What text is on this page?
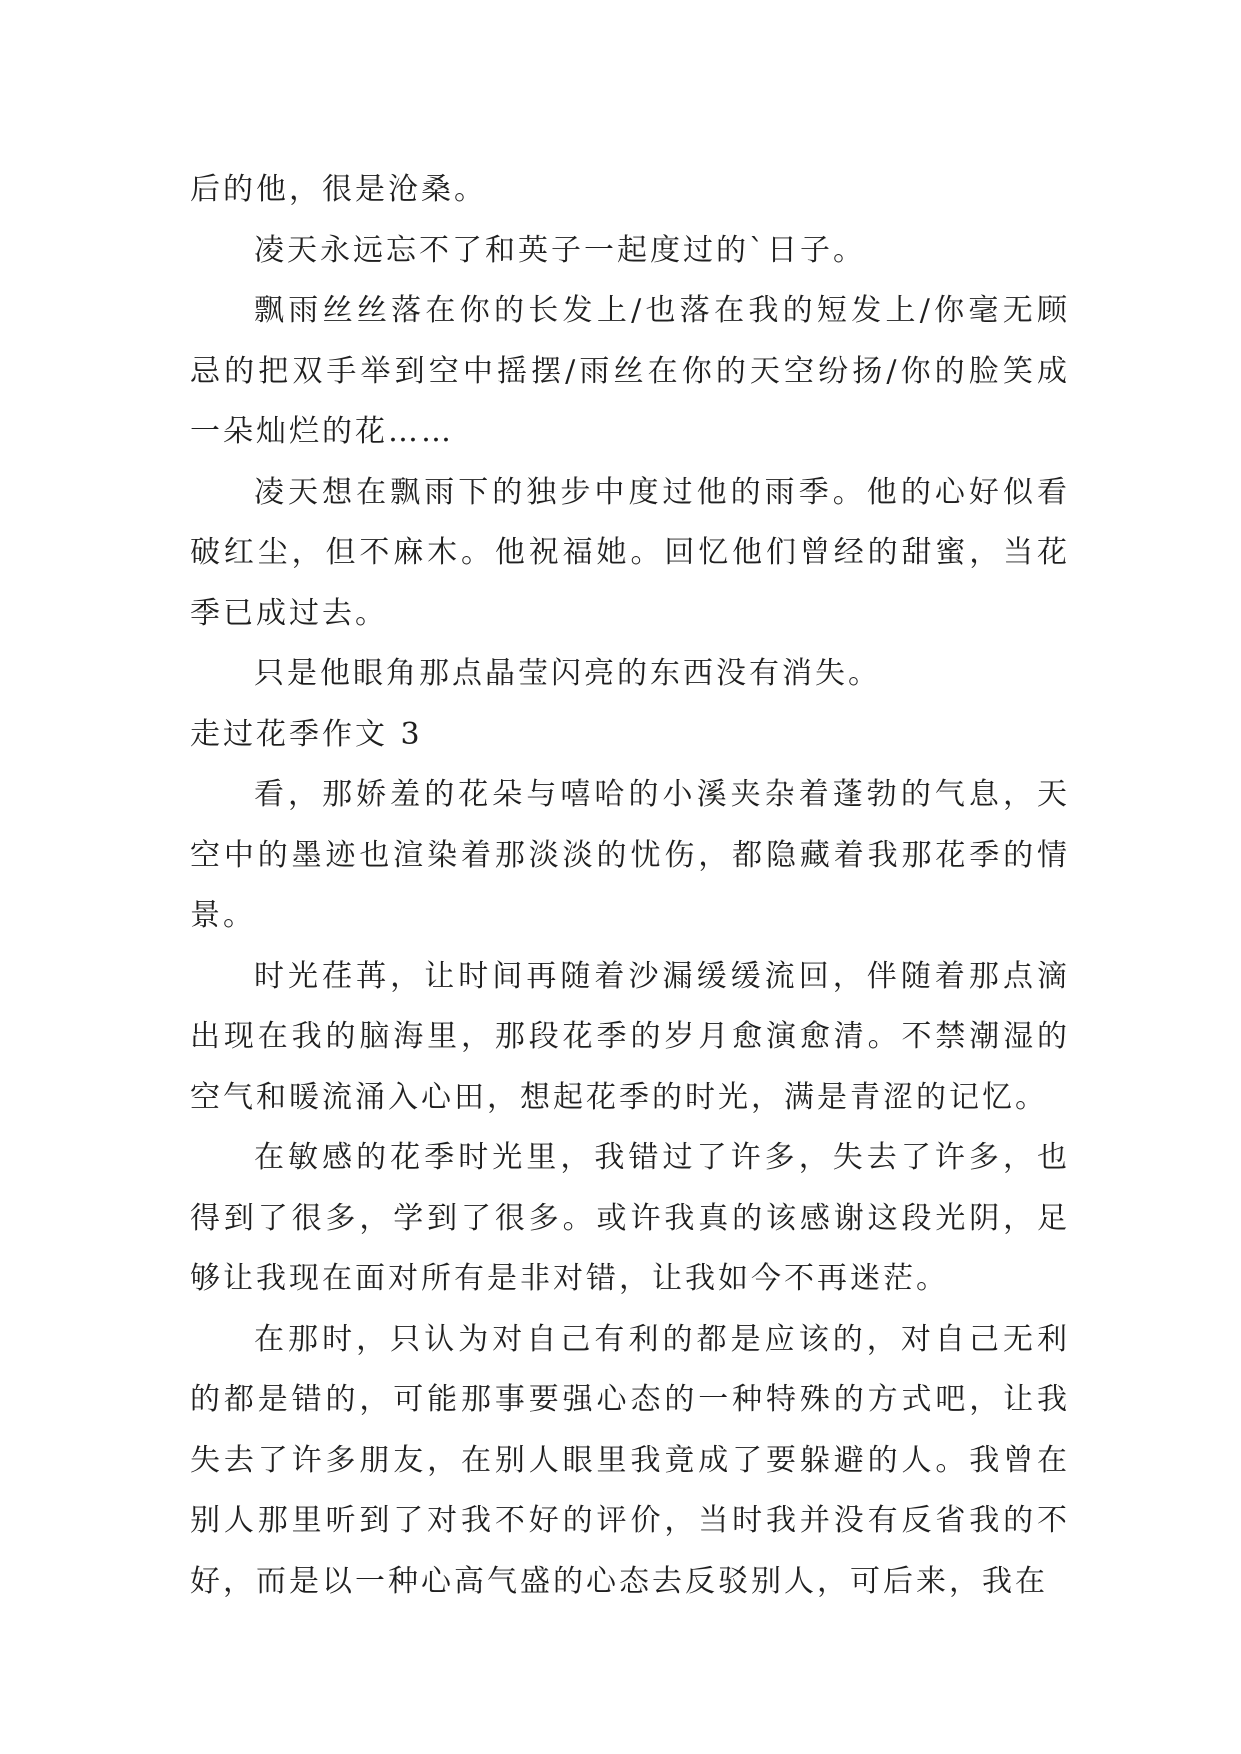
后的他，很是沧桑。

凌天永远忘不了和英子一起度过的`日子。

飘雨丝丝落在你的长发上/也落在我的短发上/你毫无顾忌的把双手举到空中摇摆/雨丝在你的天空纷扬/你的脸笑成一朵灿烂的花……

凌天想在飘雨下的独步中度过他的雨季。他的心好似看破红尘，但不麻木。他祝福她。回忆他们曾经的甜蜜，当花季已成过去。

只是他眼角那点晶莹闪亮的东西没有消失。

走过花季作文 3

看，那娇羞的花朵与嘻哈的小溪夹杂着蓬勃的气息，天空中的墨迹也渲染着那淡淡的忧伤，都隐藏着我那花季的情景。

时光荏苒，让时间再随着沙漏缓缓流回，伴随着那点滴出现在我的脑海里，那段花季的岁月愈演愈清。不禁潮湿的空气和暖流涌入心田，想起花季的时光，满是青涩的记忆。

在敏感的花季时光里，我错过了许多，失去了许多，也得到了很多，学到了很多。或许我真的该感谢这段光阴，足够让我现在面对所有是非对错，让我如今不再迷茫。

在那时，只认为对自己有利的都是应该的，对自己无利的都是错的，可能那事要强心态的一种特殊的方式吧，让我失去了许多朋友，在别人眼里我竟成了要躲避的人。我曾在别人那里听到了对我不好的评价，当时我并没有反省我的不好，而是以一种心高气盛的心态去反驳别人，可后来，我在
